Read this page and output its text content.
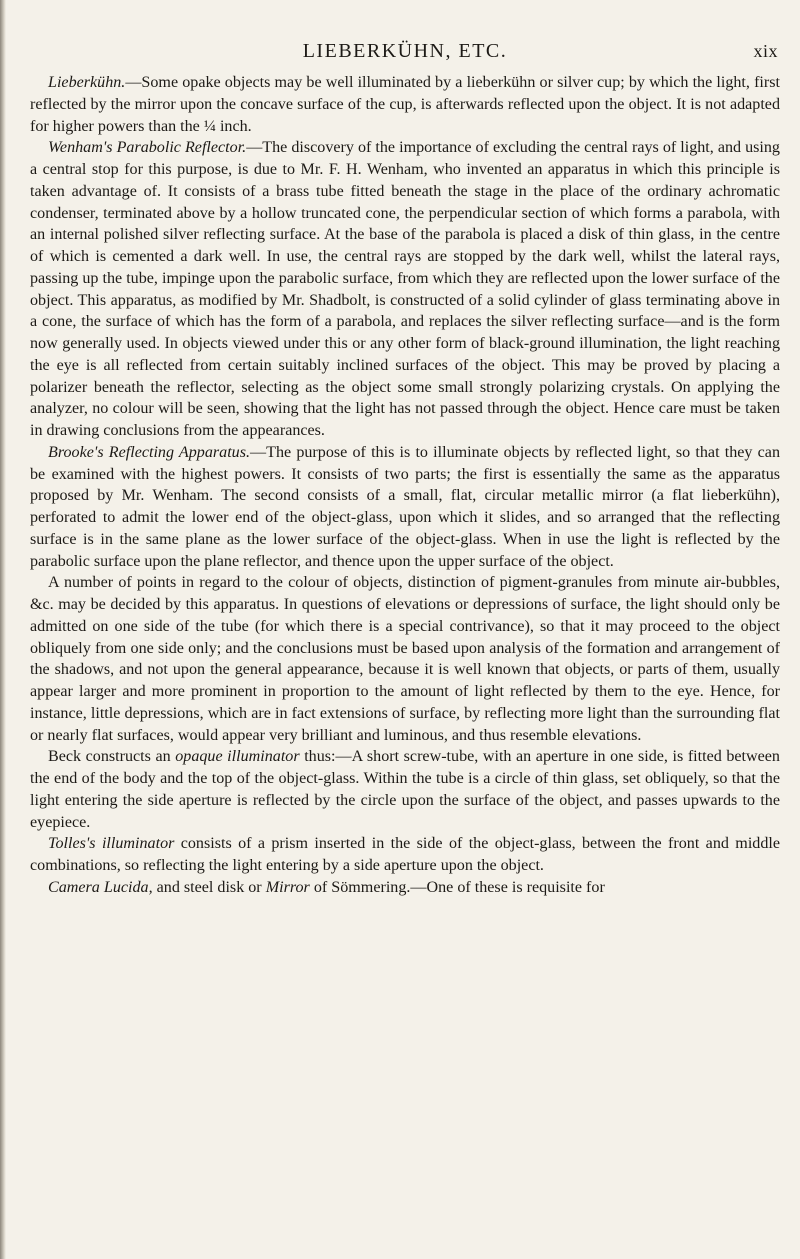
LIEBERKÜHN, ETC.	xix

Lieberkühn.—Some opake objects may be well illuminated by a lieberkühn or silver cup; by which the light, first reflected by the mirror upon the concave surface of the cup, is afterwards reflected upon the object. It is not adapted for higher powers than the ¼ inch.

Wenham's Parabolic Reflector.—The discovery of the importance of excluding the central rays of light, and using a central stop for this purpose, is due to Mr. F. H. Wenham, who invented an apparatus in which this principle is taken advantage of. It consists of a brass tube fitted beneath the stage in the place of the ordinary achromatic condenser, terminated above by a hollow truncated cone, the perpendicular section of which forms a parabola, with an internal polished silver reflecting surface. At the base of the parabola is placed a disk of thin glass, in the centre of which is cemented a dark well. In use, the central rays are stopped by the dark well, whilst the lateral rays, passing up the tube, impinge upon the parabolic surface, from which they are reflected upon the lower surface of the object. This apparatus, as modified by Mr. Shadbolt, is constructed of a solid cylinder of glass terminating above in a cone, the surface of which has the form of a parabola, and replaces the silver reflecting surface—and is the form now generally used. In objects viewed under this or any other form of black-ground illumination, the light reaching the eye is all reflected from certain suitably inclined surfaces of the object. This may be proved by placing a polarizer beneath the reflector, selecting as the object some small strongly polarizing crystals. On applying the analyzer, no colour will be seen, showing that the light has not passed through the object. Hence care must be taken in drawing conclusions from the appearances.

Brooke's Reflecting Apparatus.—The purpose of this is to illuminate objects by reflected light, so that they can be examined with the highest powers. It consists of two parts; the first is essentially the same as the apparatus proposed by Mr. Wenham. The second consists of a small, flat, circular metallic mirror (a flat lieberkühn), perforated to admit the lower end of the object-glass, upon which it slides, and so arranged that the reflecting surface is in the same plane as the lower surface of the object-glass. When in use the light is reflected by the parabolic surface upon the plane reflector, and thence upon the upper surface of the object.

A number of points in regard to the colour of objects, distinction of pigment-granules from minute air-bubbles, &c. may be decided by this apparatus. In questions of elevations or depressions of surface, the light should only be admitted on one side of the tube (for which there is a special contrivance), so that it may proceed to the object obliquely from one side only; and the conclusions must be based upon analysis of the formation and arrangement of the shadows, and not upon the general appearance, because it is well known that objects, or parts of them, usually appear larger and more prominent in proportion to the amount of light reflected by them to the eye. Hence, for instance, little depressions, which are in fact extensions of surface, by reflecting more light than the surrounding flat or nearly flat surfaces, would appear very brilliant and luminous, and thus resemble elevations.

Beck constructs an opaque illuminator thus:—A short screw-tube, with an aperture in one side, is fitted between the end of the body and the top of the object-glass. Within the tube is a circle of thin glass, set obliquely, so that the light entering the side aperture is reflected by the circle upon the surface of the object, and passes upwards to the eyepiece.

Tolles's illuminator consists of a prism inserted in the side of the object-glass, between the front and middle combinations, so reflecting the light entering by a side aperture upon the object.

Camera Lucida, and steel disk or Mirror of Sömmering.—One of these is requisite for
